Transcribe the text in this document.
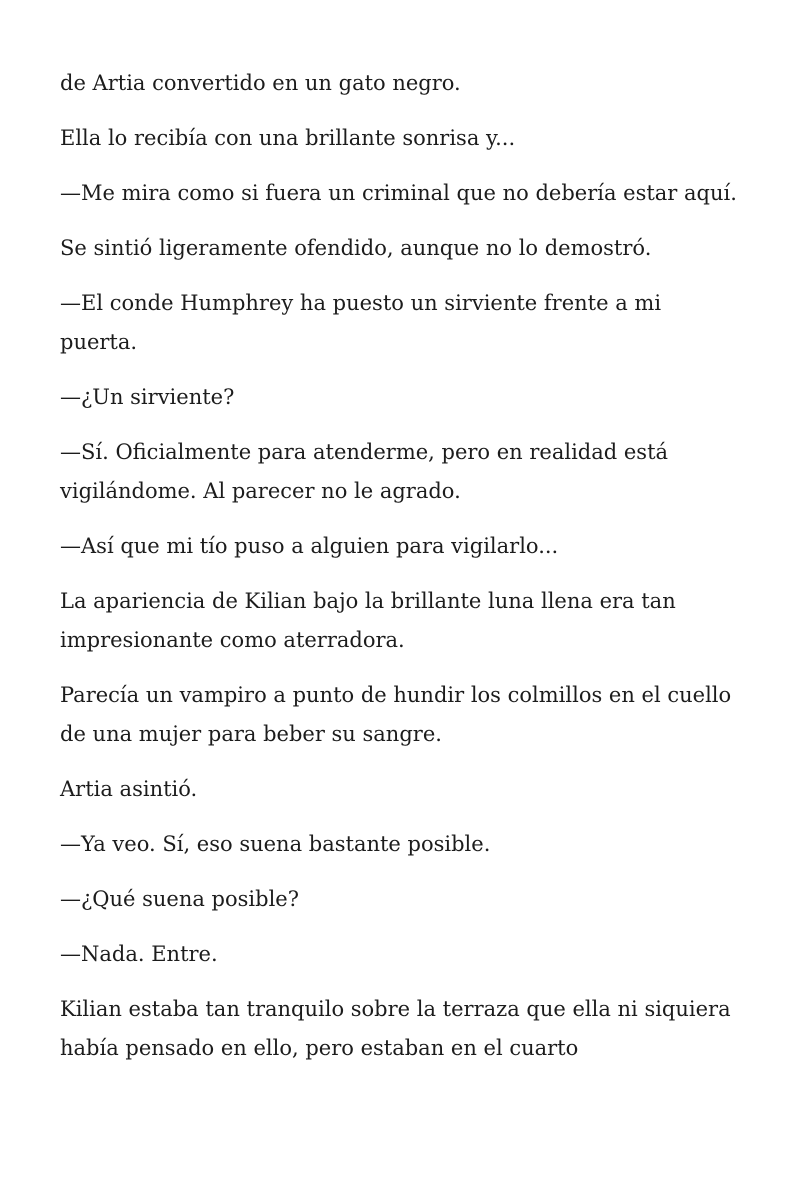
de Artia convertido en un gato negro.

Ella lo recibía con una brillante sonrisa y...

—Me mira como si fuera un criminal que no debería estar aquí.

Se sintió ligeramente ofendido, aunque no lo demostró.

—El conde Humphrey ha puesto un sirviente frente a mi puerta.

—¿Un sirviente?

—Sí. Oficialmente para atenderme, pero en realidad está vigilándome. Al parecer no le agrado.

—Así que mi tío puso a alguien para vigilarlo...

La apariencia de Kilian bajo la brillante luna llena era tan impresionante como aterradora.

Parecía un vampiro a punto de hundir los colmillos en el cuello de una mujer para beber su sangre.

Artia asintió.

—Ya veo. Sí, eso suena bastante posible.

—¿Qué suena posible?

—Nada. Entre.

Kilian estaba tan tranquilo sobre la terraza que ella ni siquiera había pensado en ello, pero estaban en el cuarto
